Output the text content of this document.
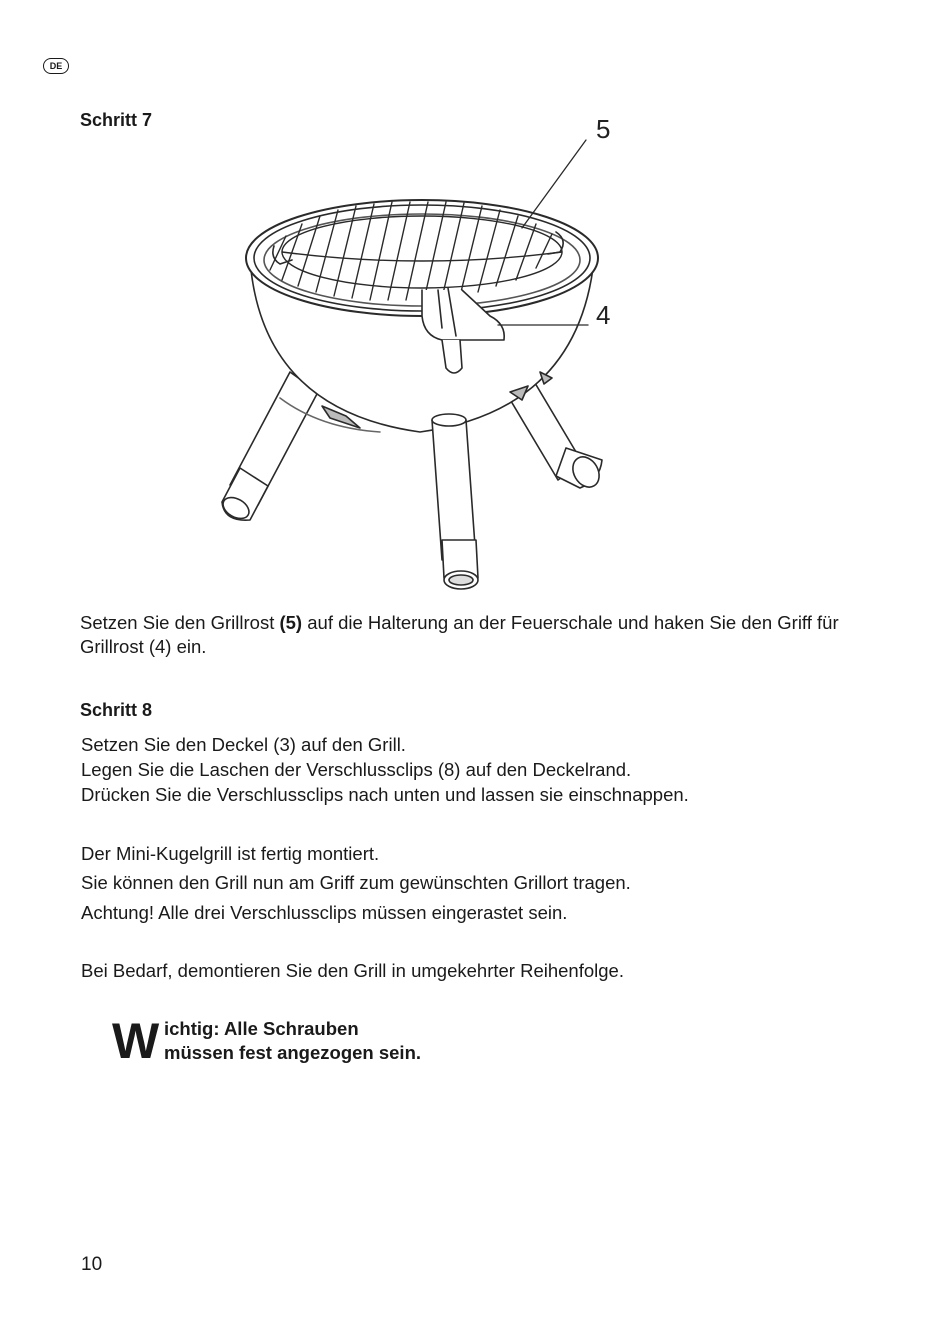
DE
Schritt 7	5
4
Setzen Sie den Grillrost (5) auf die Halterung an der Feuerschale und haken Sie den Griff für Grillrost (4) ein.
Schritt 8
Setzen Sie den Deckel (3) auf den Grill.
Legen Sie die Laschen der Verschlussclips (8) auf den Deckelrand.
Drücken Sie die Verschlussclips nach unten und lassen sie einschnappen.
Der Mini-Kugelgrill ist fertig montiert.
Sie können den Grill nun am Griff zum gewünschten Grillort tragen.
Achtung! Alle drei Verschlussclips müssen eingerastet sein.
Bei Bedarf, demontieren Sie den Grill in umgekehrter Reihenfolge.
W ichtig: Alle Schrauben
müssen fest angezogen sein.
10
